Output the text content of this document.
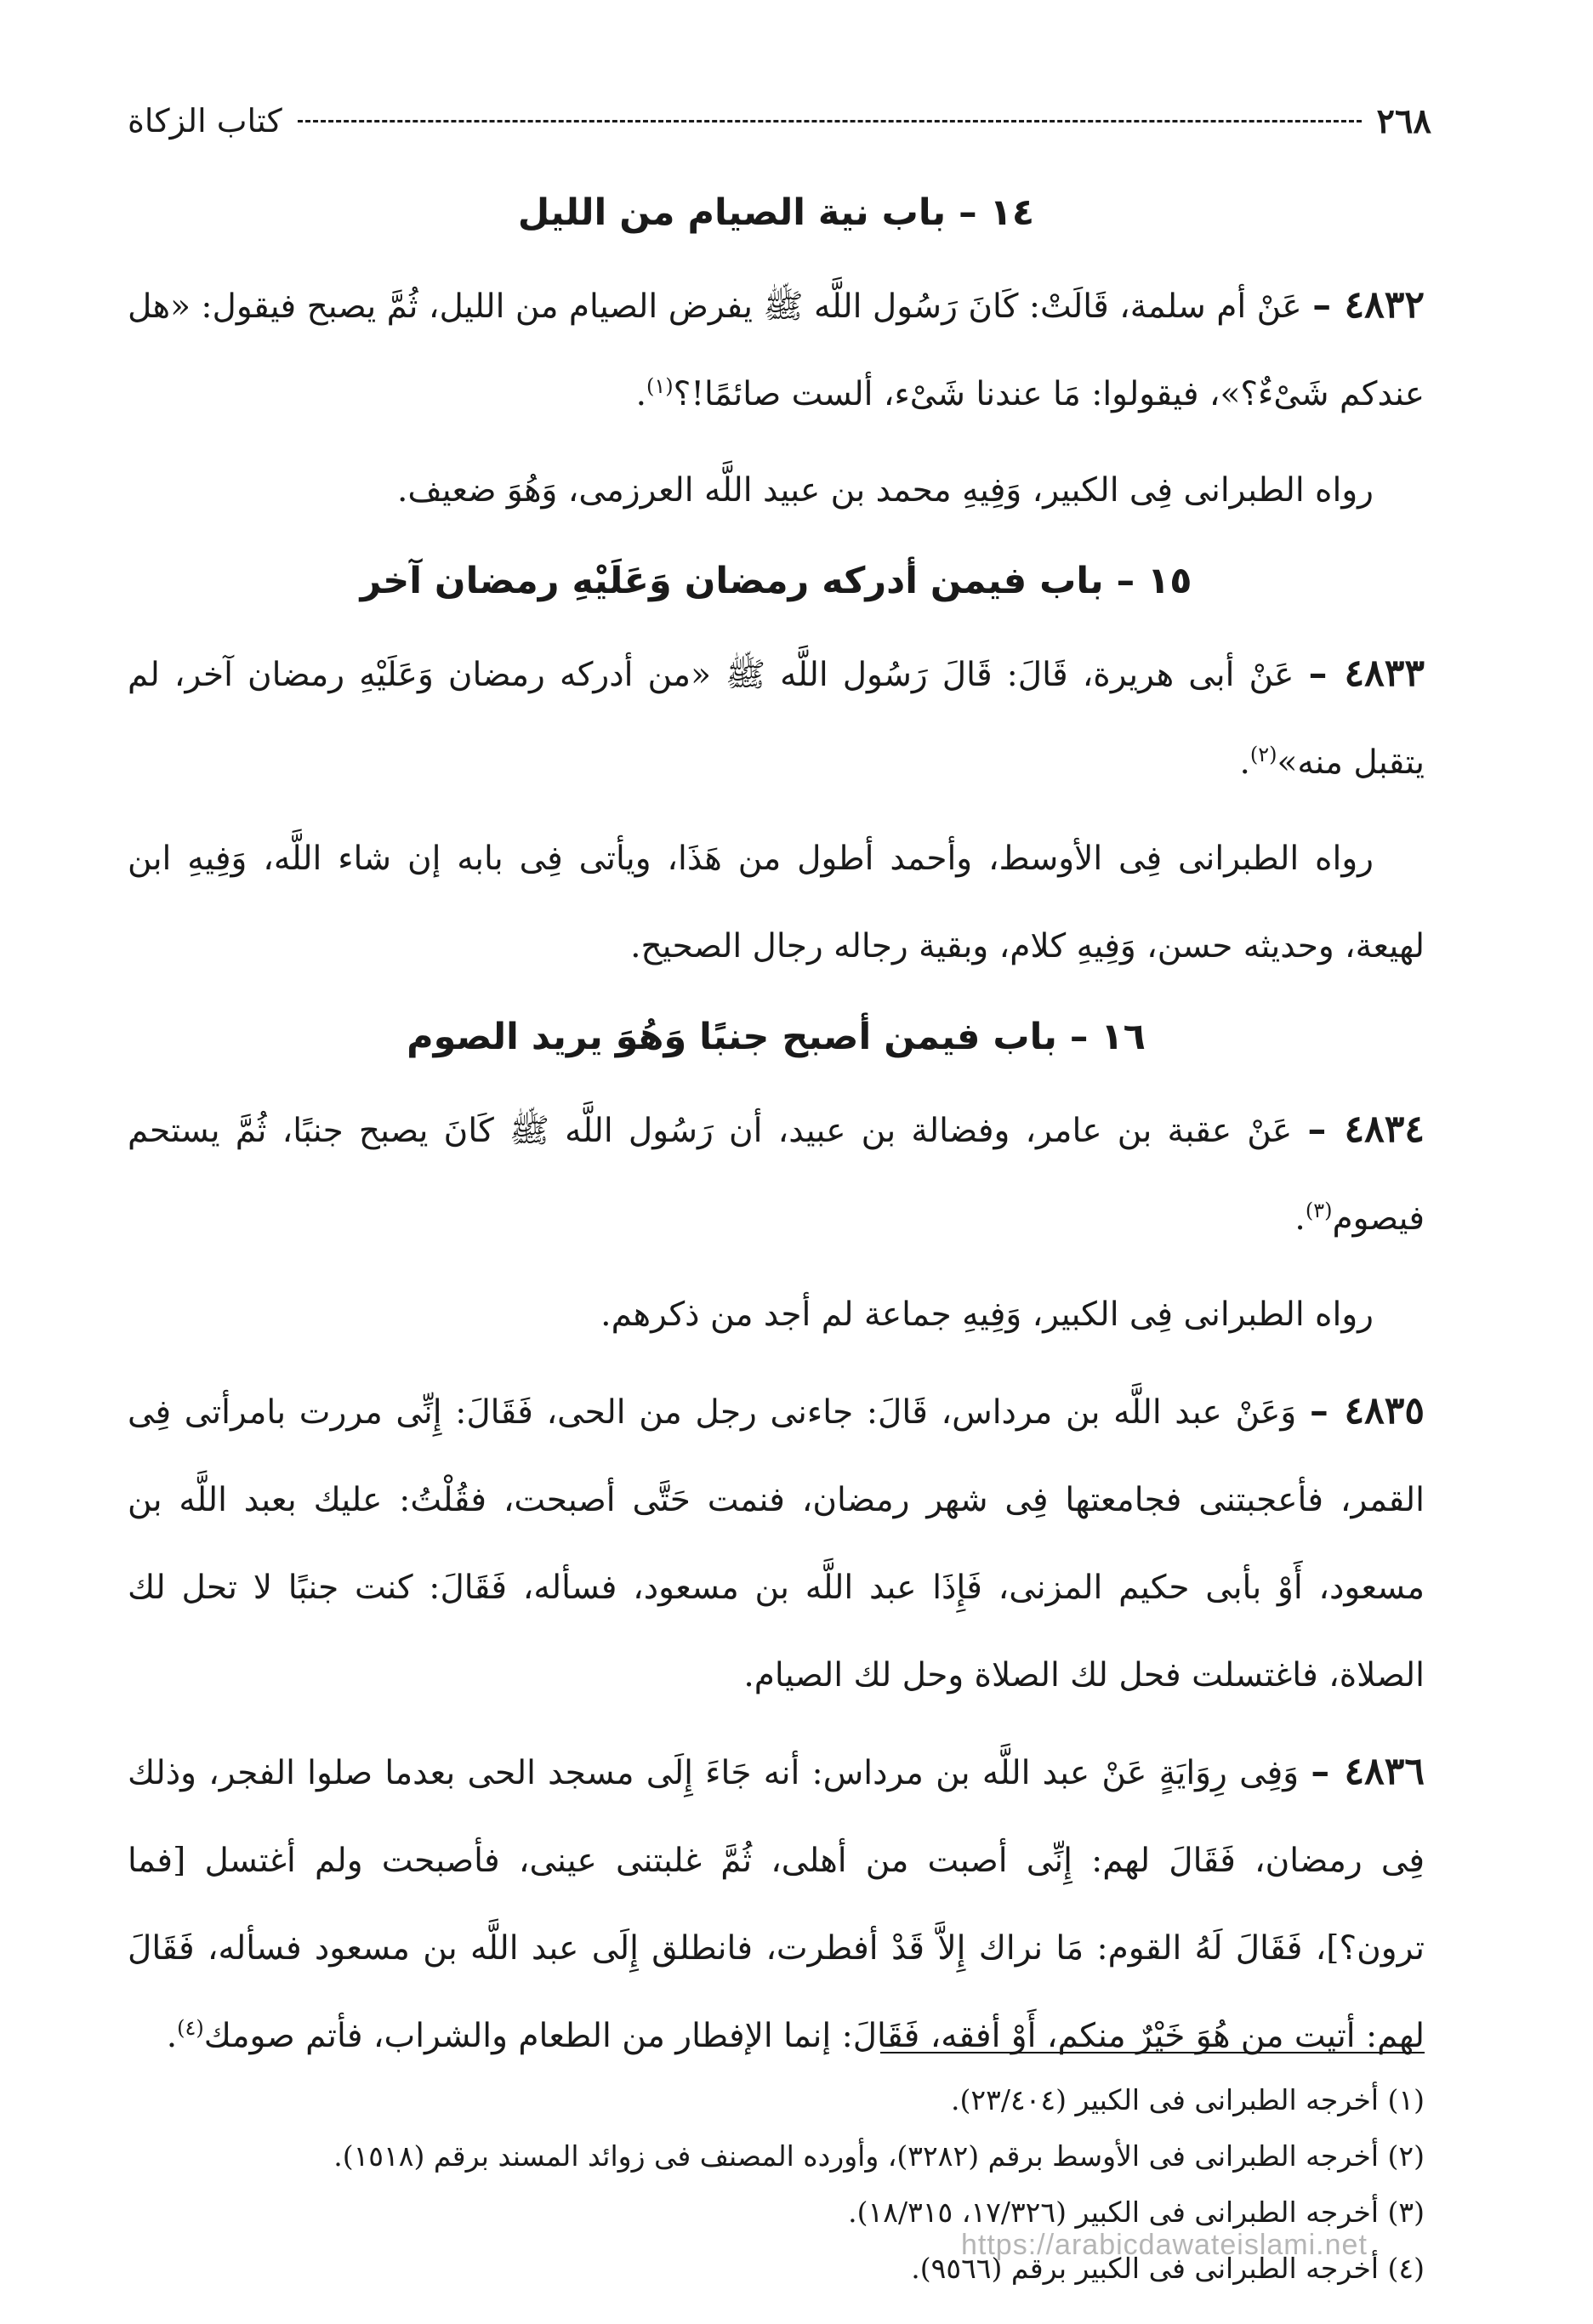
٢٦٨
كتاب الزكاة
١٤ – باب نية الصيام من الليل

٤٨٣٢ – عَنْ أم سلمة، قَالَتْ: كَانَ رَسُول اللَّه ﷺ يفرض الصيام من الليل، ثُمَّ يصبح فيقول: «هل عندكم شَىْءٌ؟»، فيقولوا: مَا عندنا شَىْء، ألست صائمًا!؟$^{(١)}$.

رواه الطبرانى فِى الكبير، وَفِيهِ محمد بن عبيد اللَّه العرزمى، وَهُوَ ضعيف.

١٥ – باب فيمن أدركه رمضان وَعَلَيْهِ رمضان آخر

٤٨٣٣ – عَنْ أبى هريرة، قَالَ: قَالَ رَسُول اللَّه ﷺ «من أدركه رمضان وَعَلَيْهِ رمضان آخر، لم يتقبل منه»$^{(٢)}$.

رواه الطبرانى فِى الأوسط، وأحمد أطول من هَذَا، ويأتى فِى بابه إن شاء اللَّه، وَفِيهِ ابن لهيعة، وحديثه حسن، وَفِيهِ كلام، وبقية رجاله رجال الصحيح.

١٦ – باب فيمن أصبح جنبًا وَهُوَ يريد الصوم

٤٨٣٤ – عَنْ عقبة بن عامر، وفضالة بن عبيد، أن رَسُول اللَّه ﷺ كَانَ يصبح جنبًا، ثُمَّ يستحم فيصوم$^{(٣)}$.

رواه الطبرانى فِى الكبير، وَفِيهِ جماعة لم أجد من ذكرهم.

٤٨٣٥ – وَعَنْ عبد اللَّه بن مرداس، قَالَ: جاءنى رجل من الحى، فَقَالَ: إِنِّى مررت بامرأتى فِى القمر، فأعجبتنى فجامعتها فِى شهر رمضان، فنمت حَتَّى أصبحت، فقُلْتُ: عليك بعبد اللَّه بن مسعود، أَوْ بأبى حكيم المزنى، فَإِذَا عبد اللَّه بن مسعود، فسأله، فَقَالَ: كنت جنبًا لا تحل لك الصلاة، فاغتسلت فحل لك الصلاة وحل لك الصيام.

٤٨٣٦ – وَفِى رِوَايَةٍ عَنْ عبد اللَّه بن مرداس: أنه جَاءَ إِلَى مسجد الحى بعدما صلوا الفجر، وذلك فِى رمضان، فَقَالَ لهم: إِنِّى أصبت من أهلى، ثُمَّ غلبتنى عينى، فأصبحت ولم أغتسل [فما ترون؟]، فَقَالَ لَهُ القوم: مَا نراك إِلاَّ قَدْ أفطرت، فانطلق إِلَى عبد اللَّه بن مسعود فسأله، فَقَالَ لهم: أتيت من هُوَ خَيْرٌ منكم، أَوْ أفقه، فَقَالَ: إنما الإفطار من الطعام والشراب، فأتم صومك$^{(٤)}$.

(١) أخرجه الطبرانى فى الكبير (٢٣/٤٠٤).

(٢) أخرجه الطبرانى فى الأوسط برقم (٣٢٨٢)، وأورده المصنف فى زوائد المسند برقم (١٥١٨).

(٣) أخرجه الطبرانى فى الكبير (١٧/٣٢٦، ١٨/٣١٥).

(٤) أخرجه الطبرانى فى الكبير برقم (٩٥٦٦).

https://arabicdawateislami.net
